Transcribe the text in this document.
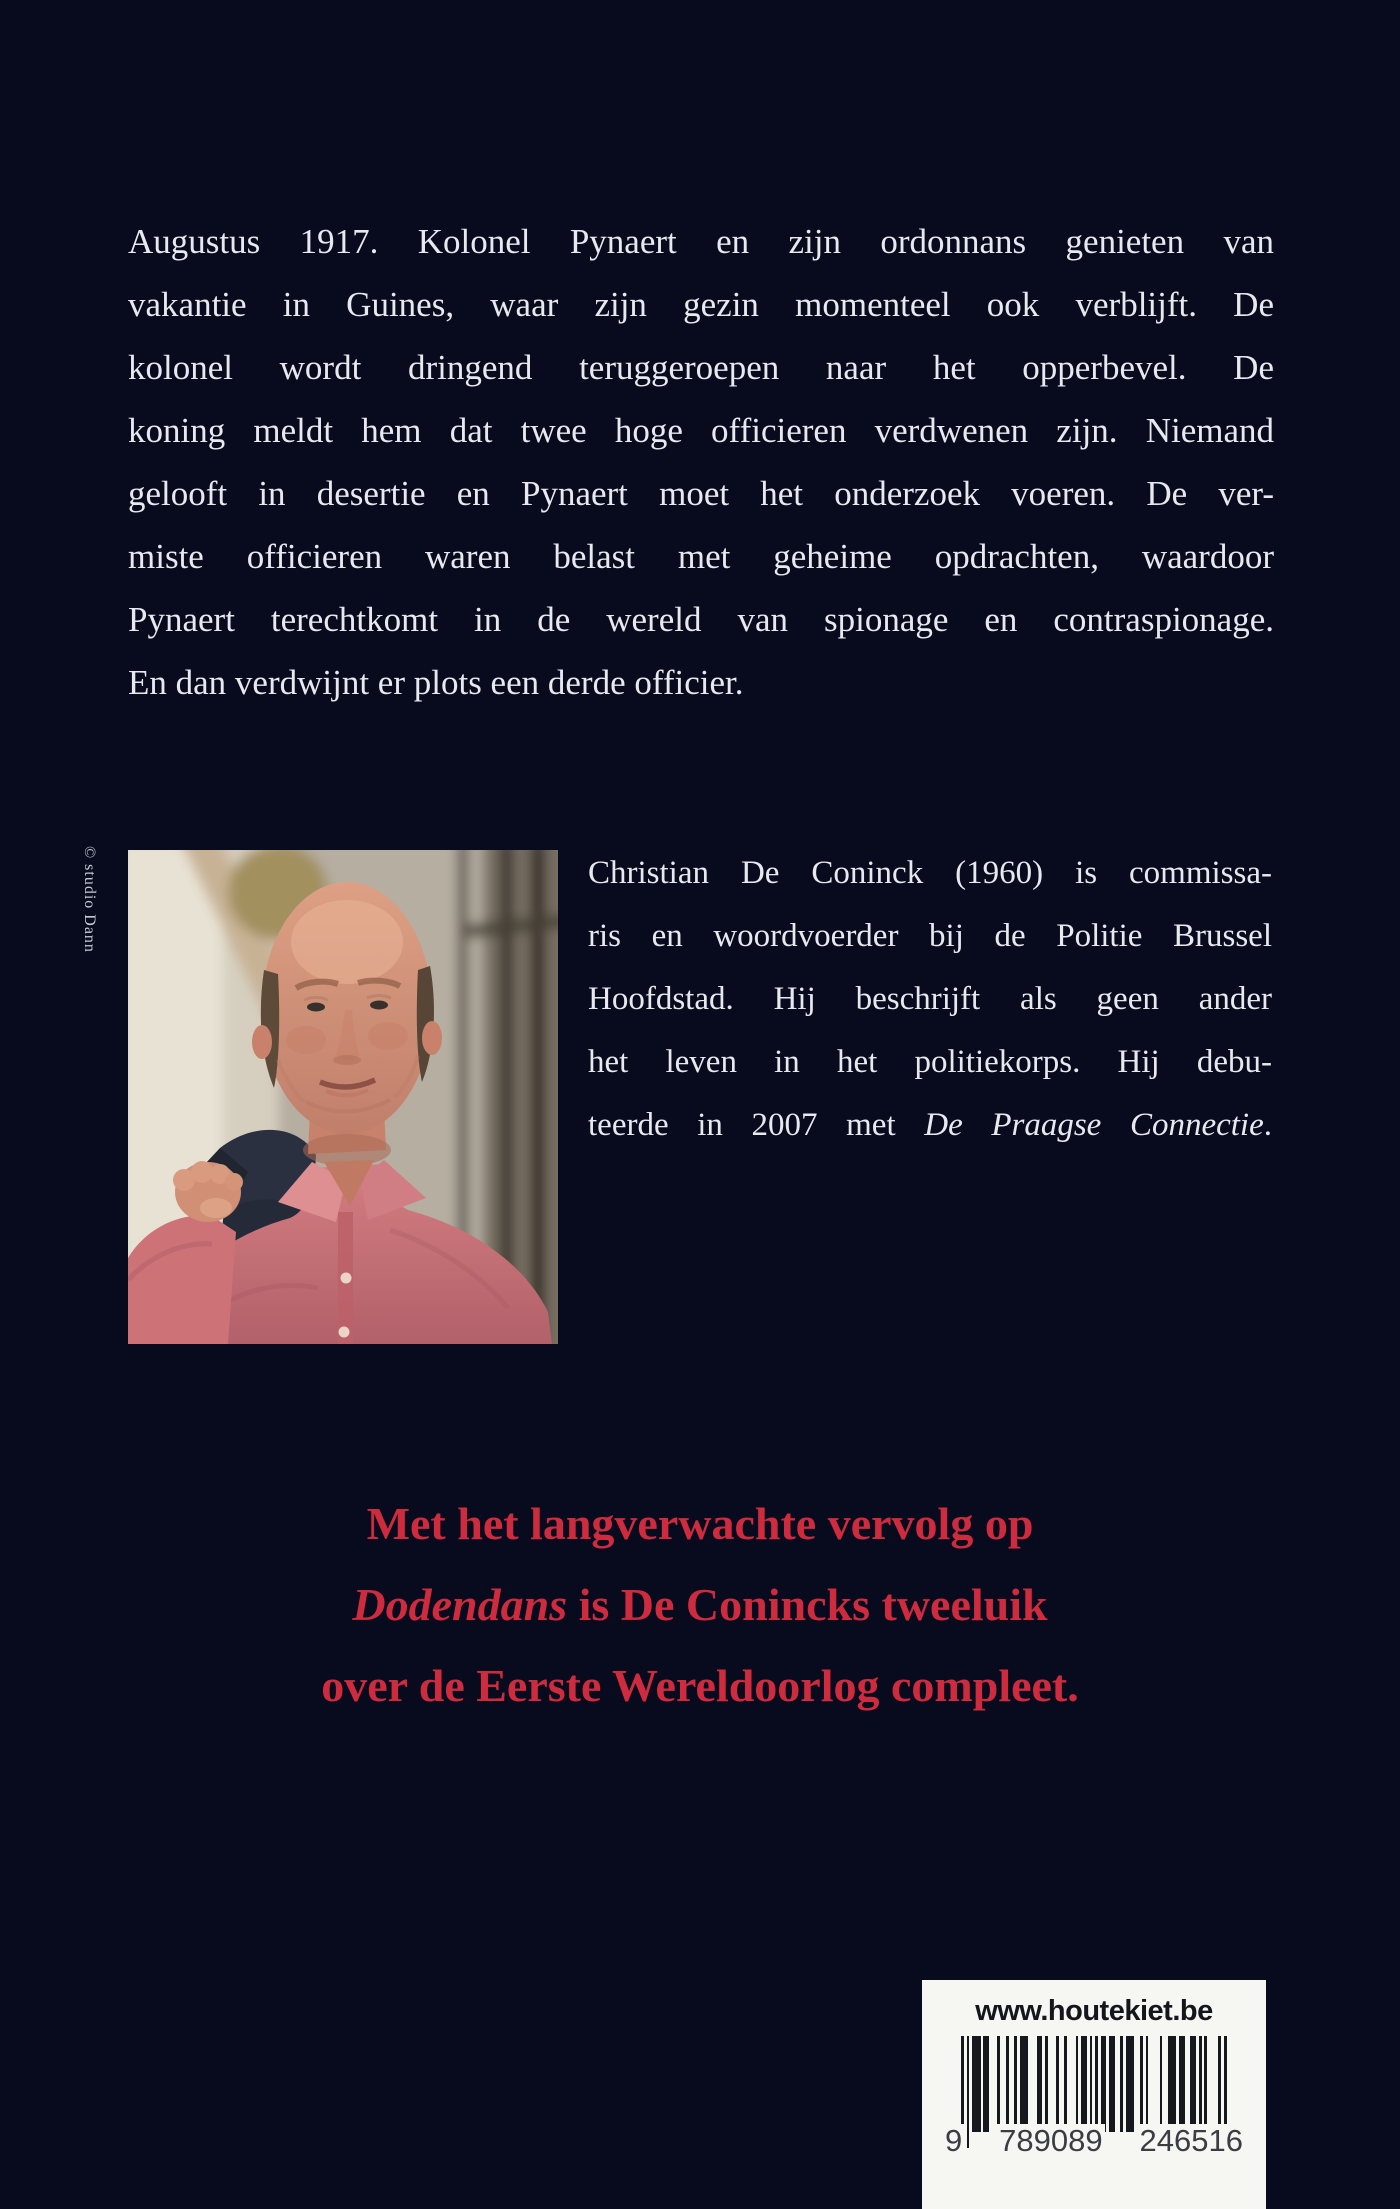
Augustus 1917. Kolonel Pynaert en zijn ordonnans genieten van
vakantie in Guines, waar zijn gezin momenteel ook verblijft. De
kolonel wordt dringend teruggeroepen naar het opperbevel. De
koning meldt hem dat twee hoge officieren verdwenen zijn. Niemand
gelooft in desertie en Pynaert moet het onderzoek voeren. De ver-
miste officieren waren belast met geheime opdrachten, waardoor
Pynaert terechtkomt in de wereld van spionage en contraspionage.
En dan verdwijnt er plots een derde officier.
© studio Dann	Christian De Coninck (1960) is commissa-
ris en woordvoerder bij de Politie Brussel
Hoofdstad. Hij beschrijft als geen ander
het leven in het politiekorps. Hij debu-
teerde in 2007 met De Praagse Connectie.
Met het langverwachte vervolg op
Dodendans is De Conincks tweeluik
over de Eerste Wereldoorlog compleet.
www.houtekiet.be
9 789089 246516
